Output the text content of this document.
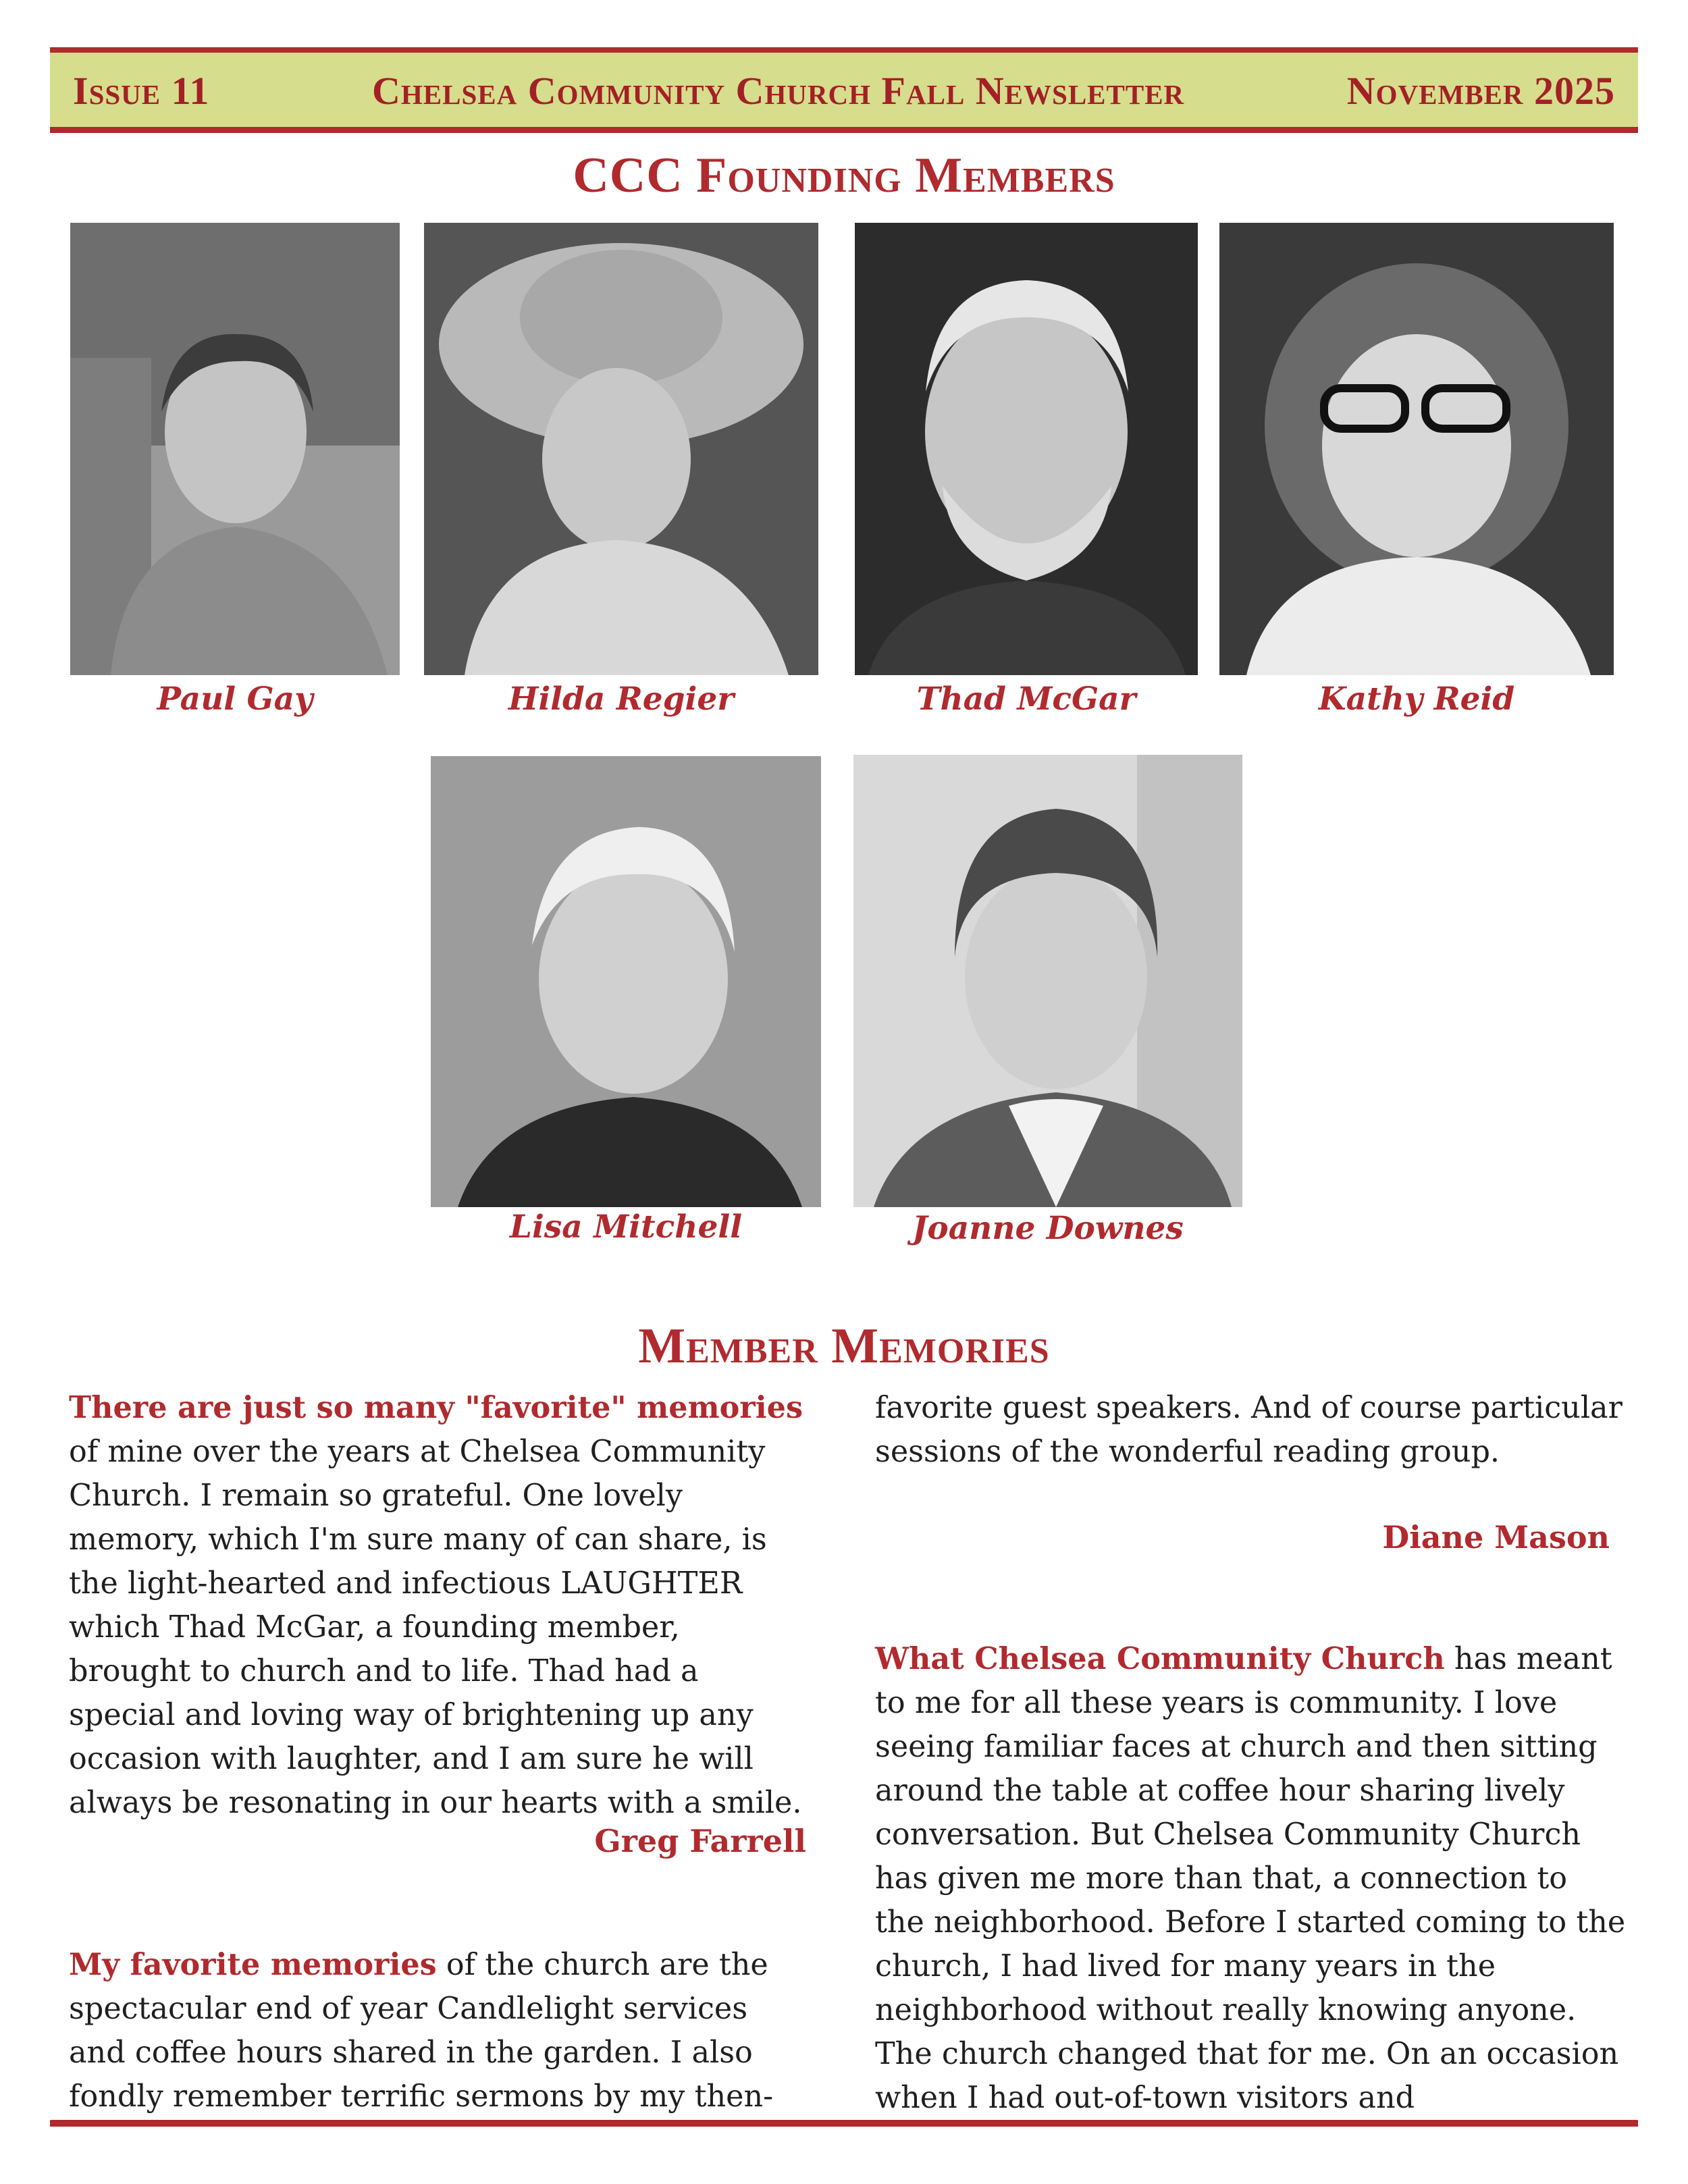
Issue 11	Chelsea Community Church Fall Newsletter	November 2025
CCC Founding Members
Paul Gay	Hilda Regier	Thad McGar	Kathy Reid
Lisa Mitchell	Joanne Downes
Member Memories

There are just so many "favorite" memories of mine over the years at Chelsea Community Church. I remain so grateful. One lovely memory, which I'm sure many of can share, is the light-hearted and infectious LAUGHTER which Thad McGar, a founding member, brought to church and to life. Thad had a special and loving way of brightening up any occasion with laughter, and I am sure he will always be resonating in our hearts with a smile.

Greg Farrell

My favorite memories of the church are the spectacular end of year Candlelight services and coffee hours shared in the garden. I also fondly remember terrific sermons by my then-

favorite guest speakers. And of course particular sessions of the wonderful reading group.

Diane Mason

What Chelsea Community Church has meant to me for all these years is community. I love seeing familiar faces at church and then sitting around the table at coffee hour sharing lively conversation. But Chelsea Community Church has given me more than that, a connection to the neighborhood. Before I started coming to the church, I had lived for many years in the neighborhood without really knowing anyone. The church changed that for me. On an occasion when I had out-of-town visitors and
